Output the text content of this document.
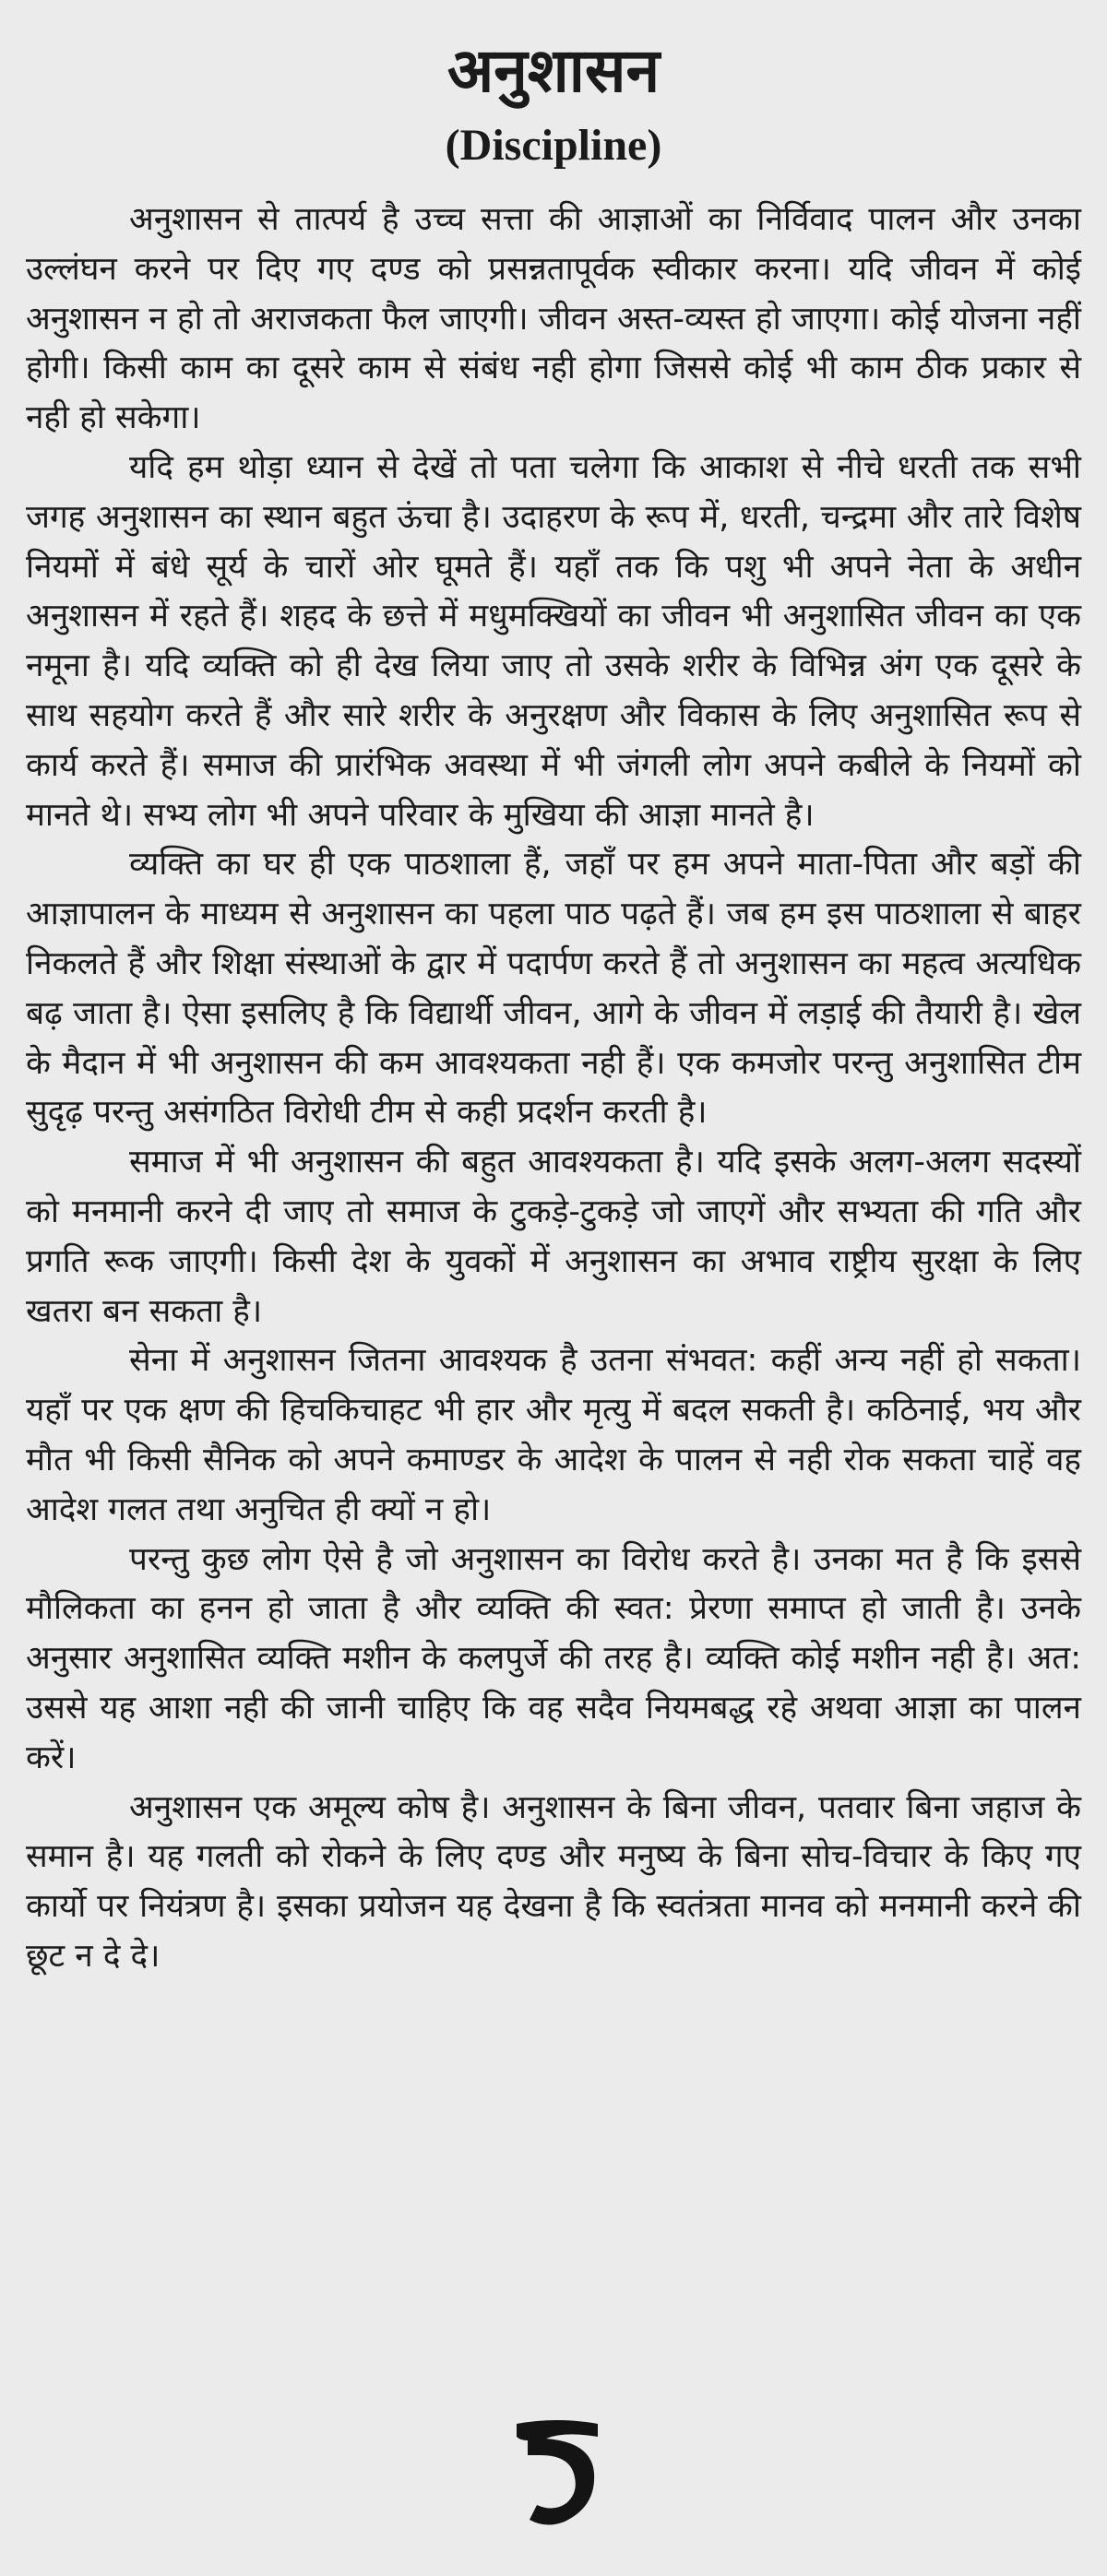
अनुशासन
(Discipline)

अनुशासन से तात्पर्य है उच्च सत्ता की आज्ञाओं का निर्विवाद पालन और उनका उल्लंघन करने पर दिए गए दण्ड को प्रसन्नतापूर्वक स्वीकार करना। यदि जीवन में कोई अनुशासन न हो तो अराजकता फैल जाएगी। जीवन अस्त-व्यस्त हो जाएगा। कोई योजना नहीं होगी। किसी काम का दूसरे काम से संबंध नही होगा जिससे कोई भी काम ठीक प्रकार से नही हो सकेगा।

यदि हम थोड़ा ध्यान से देखें तो पता चलेगा कि आकाश से नीचे धरती तक सभी जगह अनुशासन का स्थान बहुत ऊंचा है। उदाहरण के रूप में, धरती, चन्द्रमा और तारे विशेष नियमों में बंधे सूर्य के चारों ओर घूमते हैं। यहाँ तक कि पशु भी अपने नेता के अधीन अनुशासन में रहते हैं। शहद के छत्ते में मधुमक्खियों का जीवन भी अनुशासित जीवन का एक नमूना है। यदि व्यक्ति को ही देख लिया जाए तो उसके शरीर के विभिन्न अंग एक दूसरे के साथ सहयोग करते हैं और सारे शरीर के अनुरक्षण और विकास के लिए अनुशासित रूप से कार्य करते हैं। समाज की प्रारंभिक अवस्था में भी जंगली लोग अपने कबीले के नियमों को मानते थे। सभ्य लोग भी अपने परिवार के मुखिया की आज्ञा मानते है।

व्यक्ति का घर ही एक पाठशाला हैं, जहाँ पर हम अपने माता-पिता और बड़ों की आज्ञापालन के माध्यम से अनुशासन का पहला पाठ पढ़ते हैं। जब हम इस पाठशाला से बाहर निकलते हैं और शिक्षा संस्थाओं के द्वार में पदार्पण करते हैं तो अनुशासन का महत्व अत्यधिक बढ़ जाता है। ऐसा इसलिए है कि विद्यार्थी जीवन, आगे के जीवन में लड़ाई की तैयारी है। खेल के मैदान में भी अनुशासन की कम आवश्यकता नही हैं। एक कमजोर परन्तु अनुशासित टीम सुदृढ़ परन्तु असंगठित विरोधी टीम से कही प्रदर्शन करती है।

समाज में भी अनुशासन की बहुत आवश्यकता है। यदि इसके अलग-अलग सदस्यों को मनमानी करने दी जाए तो समाज के टुकड़े-टुकड़े जो जाएगें और सभ्यता की गति और प्रगति रूक जाएगी। किसी देश के युवकों में अनुशासन का अभाव राष्ट्रीय सुरक्षा के लिए खतरा बन सकता है।

सेना में अनुशासन जितना आवश्यक है उतना संभवत: कहीं अन्य नहीं हो सकता। यहाँ पर एक क्षण की हिचकिचाहट भी हार और मृत्यु में बदल सकती है। कठिनाई, भय और मौत भी किसी सैनिक को अपने कमाण्डर के आदेश के पालन से नही रोक सकता चाहें वह आदेश गलत तथा अनुचित ही क्यों न हो।

परन्तु कुछ लोग ऐसे है जो अनुशासन का विरोध करते है। उनका मत है कि इससे मौलिकता का हनन हो जाता है और व्यक्ति की स्वत: प्रेरणा समाप्त हो जाती है। उनके अनुसार अनुशासित व्यक्ति मशीन के कलपुर्जे की तरह है। व्यक्ति कोई मशीन नही है। अत: उससे यह आशा नही की जानी चाहिए कि वह सदैव नियमबद्ध रहे अथवा आज्ञा का पालन करें।

अनुशासन एक अमूल्य कोष है। अनुशासन के बिना जीवन, पतवार बिना जहाज के समान है। यह गलती को रोकने के लिए दण्ड और मनुष्य के बिना सोच-विचार के किए गए कार्यो पर नियंत्रण है। इसका प्रयोजन यह देखना है कि स्वतंत्रता मानव को मनमानी करने की छूट न दे दे।
